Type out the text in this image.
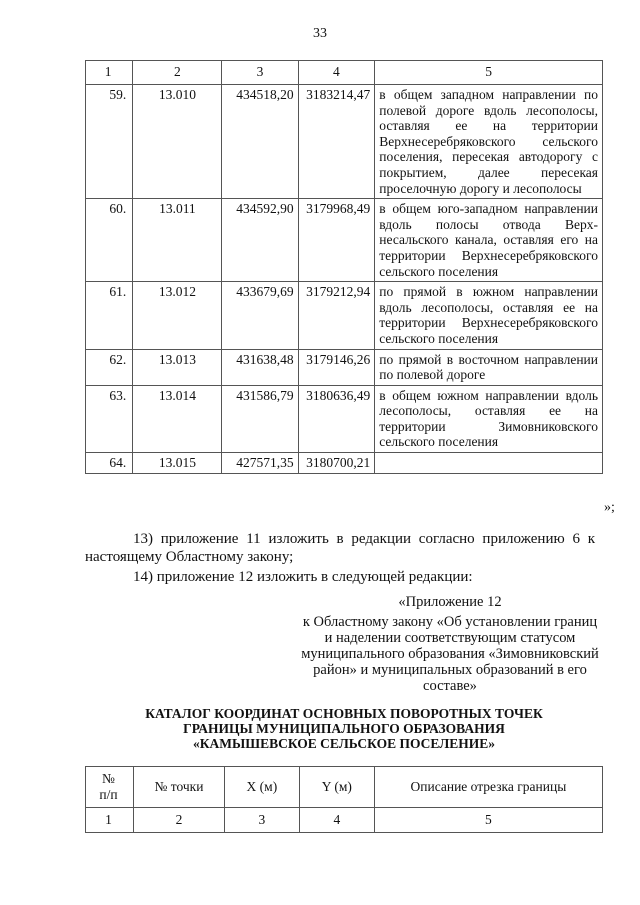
33
1	2	3	4	5
59.	13.010	434518,20	3183214,47	в общем западном направлении по полевой дороге вдоль лесополосы, оставляя ее на территории Верхнесеребряковского сельского поселения, пересекая автодорогу с покрытием, далее пересекая проселочную дорогу и лесополосы
60.	13.011	434592,90	3179968,49	в общем юго-западном направлении вдоль полосы отвода Верхнесальского канала, оставляя его на территории Верхнесеребряковского сельского поселения
61.	13.012	433679,69	3179212,94	по прямой в южном направлении вдоль лесополосы, оставляя ее на территории Верхнесеребряковского сельского поселения
62.	13.013	431638,48	3179146,26	по прямой в восточном направлении по полевой дороге
63.	13.014	431586,79	3180636,49	в общем южном направлении вдоль лесополосы, оставляя ее на территории Зимовниковского сельского поселения
64.	13.015	427571,35	3180700,21	
»;
13) приложение 11 изложить в редакции согласно приложению 6 к настоящему Областному закону;
14) приложение 12 изложить в следующей редакции:
«Приложение 12
к Областному закону «Об установлении границ и наделении соответствующим статусом муниципального образования «Зимовниковский район» и муниципальных образований в его составе»
КАТАЛОГ КООРДИНАТ ОСНОВНЫХ ПОВОРОТНЫХ ТОЧЕК
ГРАНИЦЫ МУНИЦИПАЛЬНОГО ОБРАЗОВАНИЯ
«КАМЫШЕВСКОЕ СЕЛЬСКОЕ ПОСЕЛЕНИЕ»
№
п/п	№ точки	X (м)	Y (м)	Описание отрезка границы
1	2	3	4	5
